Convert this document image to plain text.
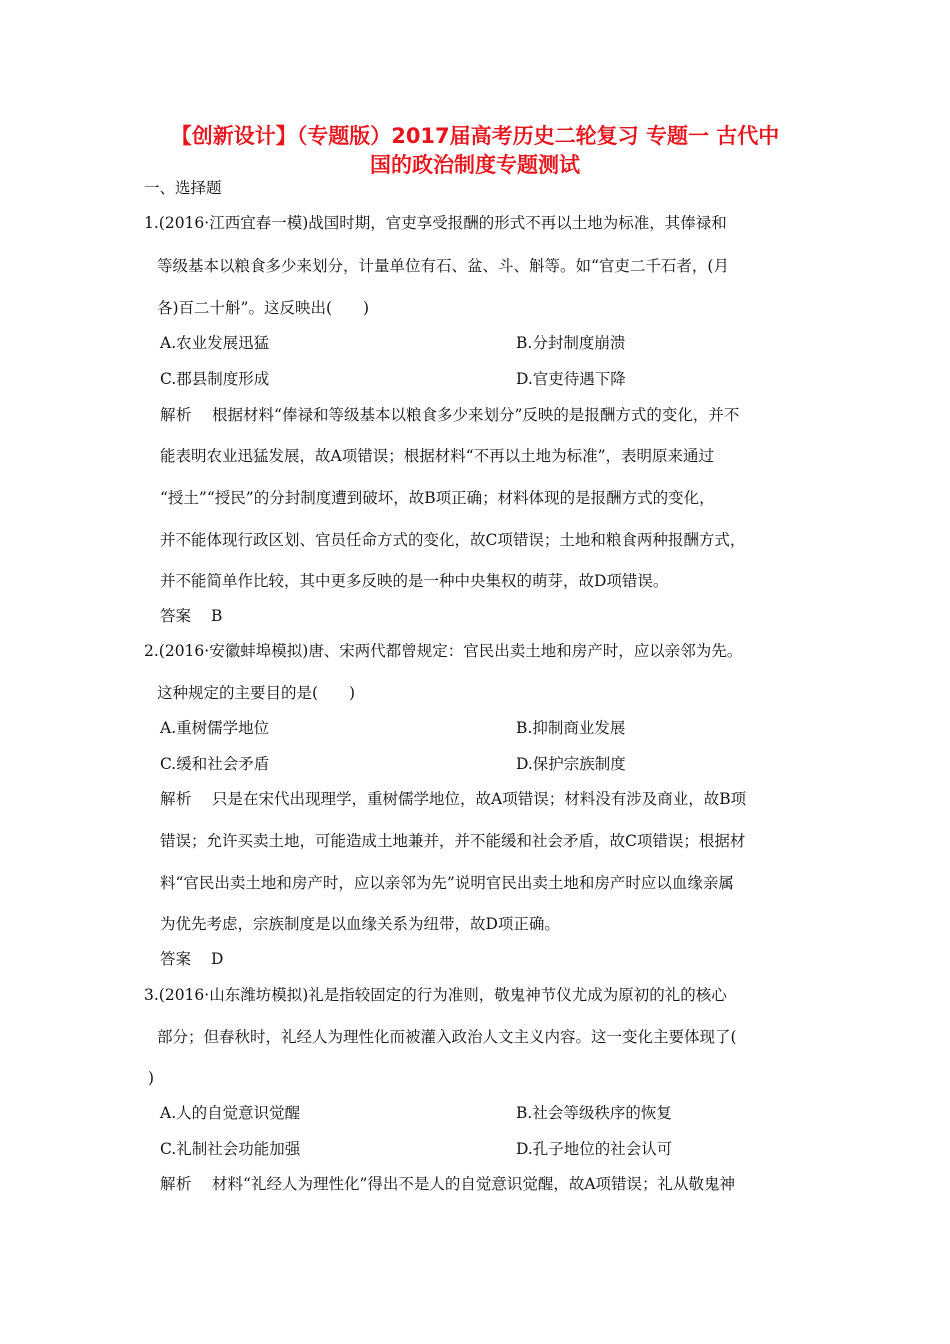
【创新设计】（专题版）2017届高考历史二轮复习 专题一 古代中
国的政治制度专题测试
一、选择题
1.(2016·江西宜春一模)战国时期，官吏享受报酬的形式不再以土地为标准，其俸禄和
等级基本以粮食多少来划分，计量单位有石、盆、斗、斛等。如“官吏二千石者，(月
各)百二十斛”。这反映出(　　)
A.农业发展迅猛	B.分封制度崩溃
C.郡县制度形成	D.官吏待遇下降
解析 根据材料“俸禄和等级基本以粮食多少来划分”反映的是报酬方式的变化，并不
能表明农业迅猛发展，故A项错误；根据材料“不再以土地为标准”，表明原来通过
“授土”“授民”的分封制度遭到破坏，故B项正确；材料体现的是报酬方式的变化，
并不能体现行政区划、官员任命方式的变化，故C项错误；土地和粮食两种报酬方式，
并不能简单作比较，其中更多反映的是一种中央集权的萌芽，故D项错误。
答案 B
2.(2016·安徽蚌埠模拟)唐、宋两代都曾规定：官民出卖土地和房产时，应以亲邻为先。
这种规定的主要目的是(　　)
A.重树儒学地位	B.抑制商业发展
C.缓和社会矛盾	D.保护宗族制度
解析 只是在宋代出现理学，重树儒学地位，故A项错误；材料没有涉及商业，故B项
错误；允许买卖土地，可能造成土地兼并，并不能缓和社会矛盾，故C项错误；根据材
料“官民出卖土地和房产时，应以亲邻为先”说明官民出卖土地和房产时应以血缘亲属
为优先考虑，宗族制度是以血缘关系为纽带，故D项正确。
答案 D
3.(2016·山东潍坊模拟)礼是指较固定的行为准则，敬鬼神节仪尤成为原初的礼的核心
部分；但春秋时，礼经人为理性化而被灌入政治人文主义内容。这一变化主要体现了(
)
A.人的自觉意识觉醒	B.社会等级秩序的恢复
C.礼制社会功能加强	D.孔子地位的社会认可
解析 材料“礼经人为理性化”得出不是人的自觉意识觉醒，故A项错误；礼从敬鬼神
